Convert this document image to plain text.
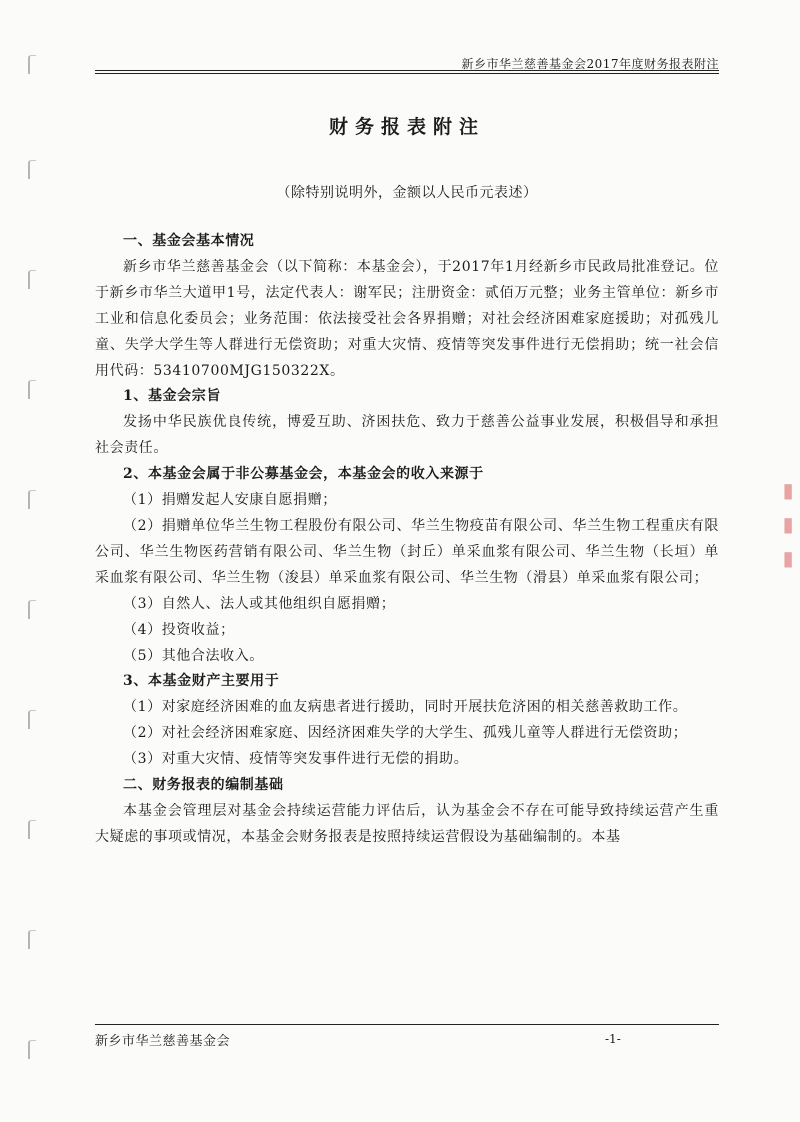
▮▮▮
新乡市华兰慈善基金会2017年度财务报表附注
财务报表附注
（除特别说明外，金额以人民币元表述）

一、基金会基本情况

新乡市华兰慈善基金会（以下简称：本基金会），于2017年1月经新乡市民政局批准登记。位于新乡市华兰大道甲1号，法定代表人：谢军民；注册资金：贰佰万元整；业务主管单位：新乡市工业和信息化委员会；业务范围：依法接受社会各界捐赠；对社会经济困难家庭援助；对孤残儿童、失学大学生等人群进行无偿资助；对重大灾情、疫情等突发事件进行无偿捐助；统一社会信用代码：53410700MJG150322X。

1、基金会宗旨

发扬中华民族优良传统，博爱互助、济困扶危、致力于慈善公益事业发展，积极倡导和承担社会责任。

2、本基金会属于非公募基金会，本基金会的收入来源于

（1）捐赠发起人安康自愿捐赠；

（2）捐赠单位华兰生物工程股份有限公司、华兰生物疫苗有限公司、华兰生物工程重庆有限公司、华兰生物医药营销有限公司、华兰生物（封丘）单采血浆有限公司、华兰生物（长垣）单采血浆有限公司、华兰生物（浚县）单采血浆有限公司、华兰生物（滑县）单采血浆有限公司；

（3）自然人、法人或其他组织自愿捐赠；

（4）投资收益；

（5）其他合法收入。

3、本基金财产主要用于

（1）对家庭经济困难的血友病患者进行援助，同时开展扶危济困的相关慈善救助工作。

（2）对社会经济困难家庭、因经济困难失学的大学生、孤残儿童等人群进行无偿资助；

（3）对重大灾情、疫情等突发事件进行无偿的捐助。

二、财务报表的编制基础

本基金会管理层对基金会持续运营能力评估后，认为基金会不存在可能导致持续运营产生重大疑虑的事项或情况，本基金会财务报表是按照持续运营假设为基础编制的。本基

新乡市华兰慈善基金会	-1-
